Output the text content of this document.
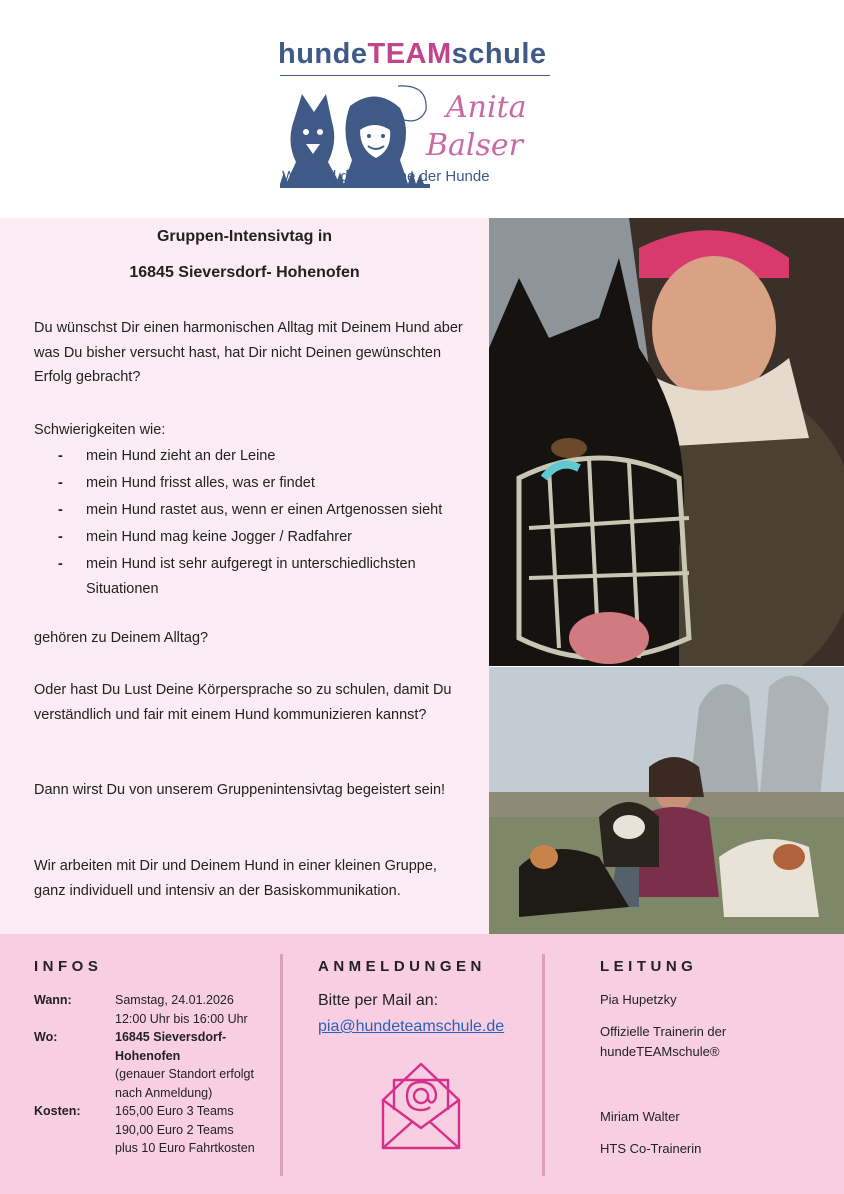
hundeTEAMschule
Anita
Balser
Wir sind die Stimme der Hunde
Gruppen-Intensivtag in
16845 Sieversdorf- Hohenofen
Du wünschst Dir einen harmonischen Alltag mit Deinem Hund aber was Du bisher versucht hast, hat Dir nicht Deinen gewünschten Erfolg gebracht?
Schwierigkeiten wie:
- mein Hund zieht an der Leine
- mein Hund frisst alles, was er findet
- mein Hund rastet aus, wenn er einen Artgenossen sieht
- mein Hund mag keine Jogger / Radfahrer
- mein Hund ist sehr aufgeregt in unterschiedlichsten Situationen
gehören zu Deinem Alltag?
Oder hast Du Lust Deine Körpersprache so zu schulen, damit Du verständlich und fair mit einem Hund kommunizieren kannst?
Dann wirst Du von unserem Gruppenintensivtag begeistert sein!
Wir arbeiten mit Dir und Deinem Hund in einer kleinen Gruppe, ganz individuell und intensiv an der Basiskommunikation.
INFOS
Wann:	Samstag, 24.01.2026
12:00 Uhr bis 16:00 Uhr
Wo:	16845 Sieversdorf-
Hohenofen
(genauer Standort erfolgt
nach Anmeldung)
Kosten:	165,00 Euro 3 Teams
190,00 Euro 2 Teams
plus 10 Euro Fahrtkosten
ANMELDUNGEN
Bitte per Mail an:
pia@hundeteamschule.de
LEITUNG
Pia Hupetzky
Offizielle Trainerin der
hundeTEAMschule®
Miriam Walter
HTS Co-Trainerin
